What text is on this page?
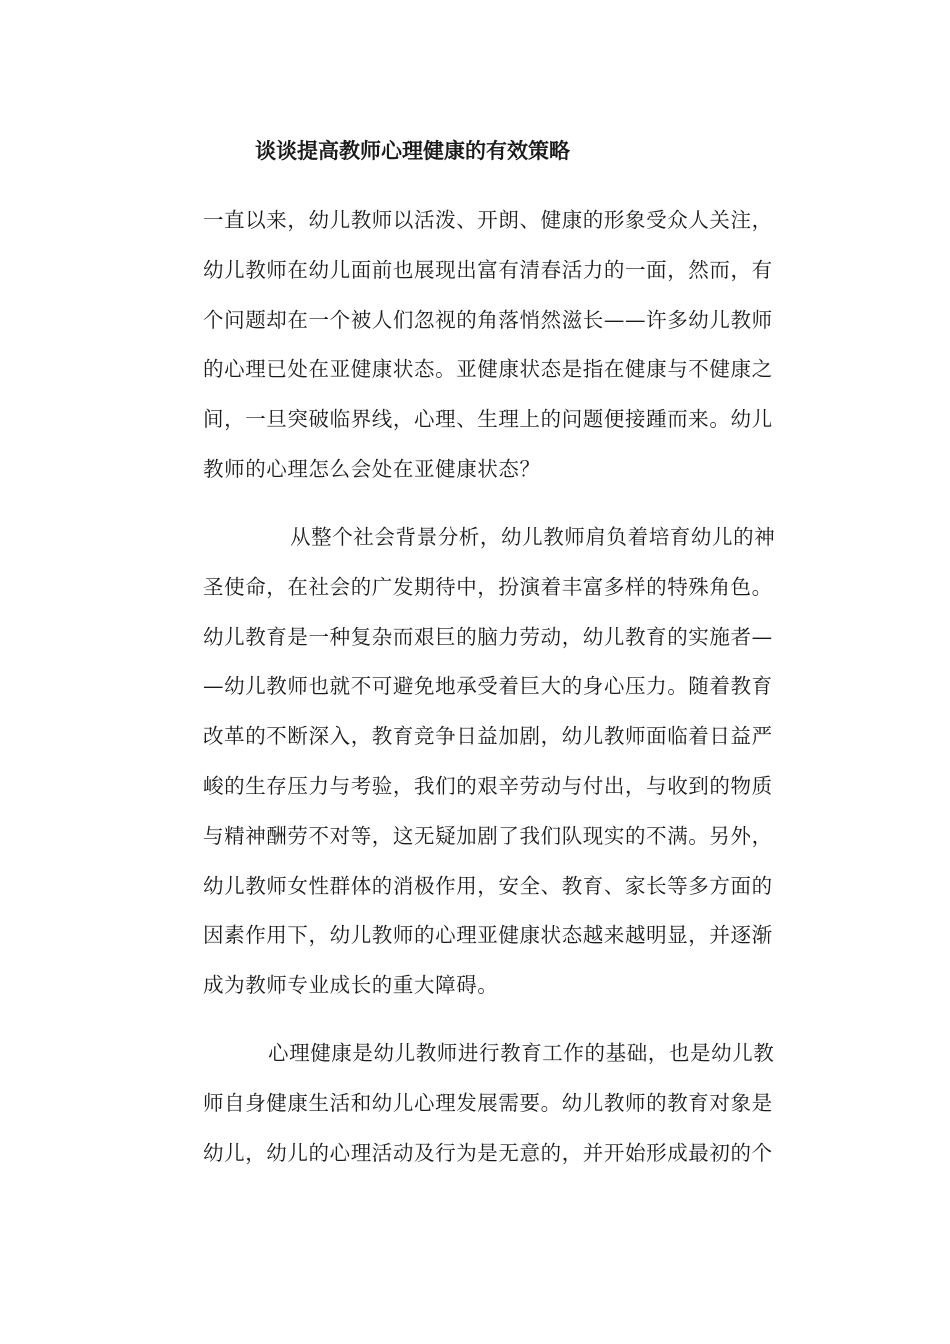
谈谈提高教师心理健康的有效策略

一直以来，幼儿教师以活泼、开朗、健康的形象受众人关注，

幼儿教师在幼儿面前也展现出富有清春活力的一面，然而，有

个问题却在一个被人们忽视的角落悄然滋长——许多幼儿教师

的心理已处在亚健康状态。亚健康状态是指在健康与不健康之

间，一旦突破临界线，心理、生理上的问题便接踵而来。幼儿

教师的心理怎么会处在亚健康状态？

从整个社会背景分析，幼儿教师肩负着培育幼儿的神

圣使命，在社会的广发期待中，扮演着丰富多样的特殊角色。

幼儿教育是一种复杂而艰巨的脑力劳动，幼儿教育的实施者—

—幼儿教师也就不可避免地承受着巨大的身心压力。随着教育

改革的不断深入，教育竞争日益加剧，幼儿教师面临着日益严

峻的生存压力与考验，我们的艰辛劳动与付出，与收到的物质

与精神酬劳不对等，这无疑加剧了我们队现实的不满。另外，

幼儿教师女性群体的消极作用，安全、教育、家长等多方面的

因素作用下，幼儿教师的心理亚健康状态越来越明显，并逐渐

成为教师专业成长的重大障碍。

心理健康是幼儿教师进行教育工作的基础，也是幼儿教

师自身健康生活和幼儿心理发展需要。幼儿教师的教育对象是

幼儿，幼儿的心理活动及行为是无意的，并开始形成最初的个
